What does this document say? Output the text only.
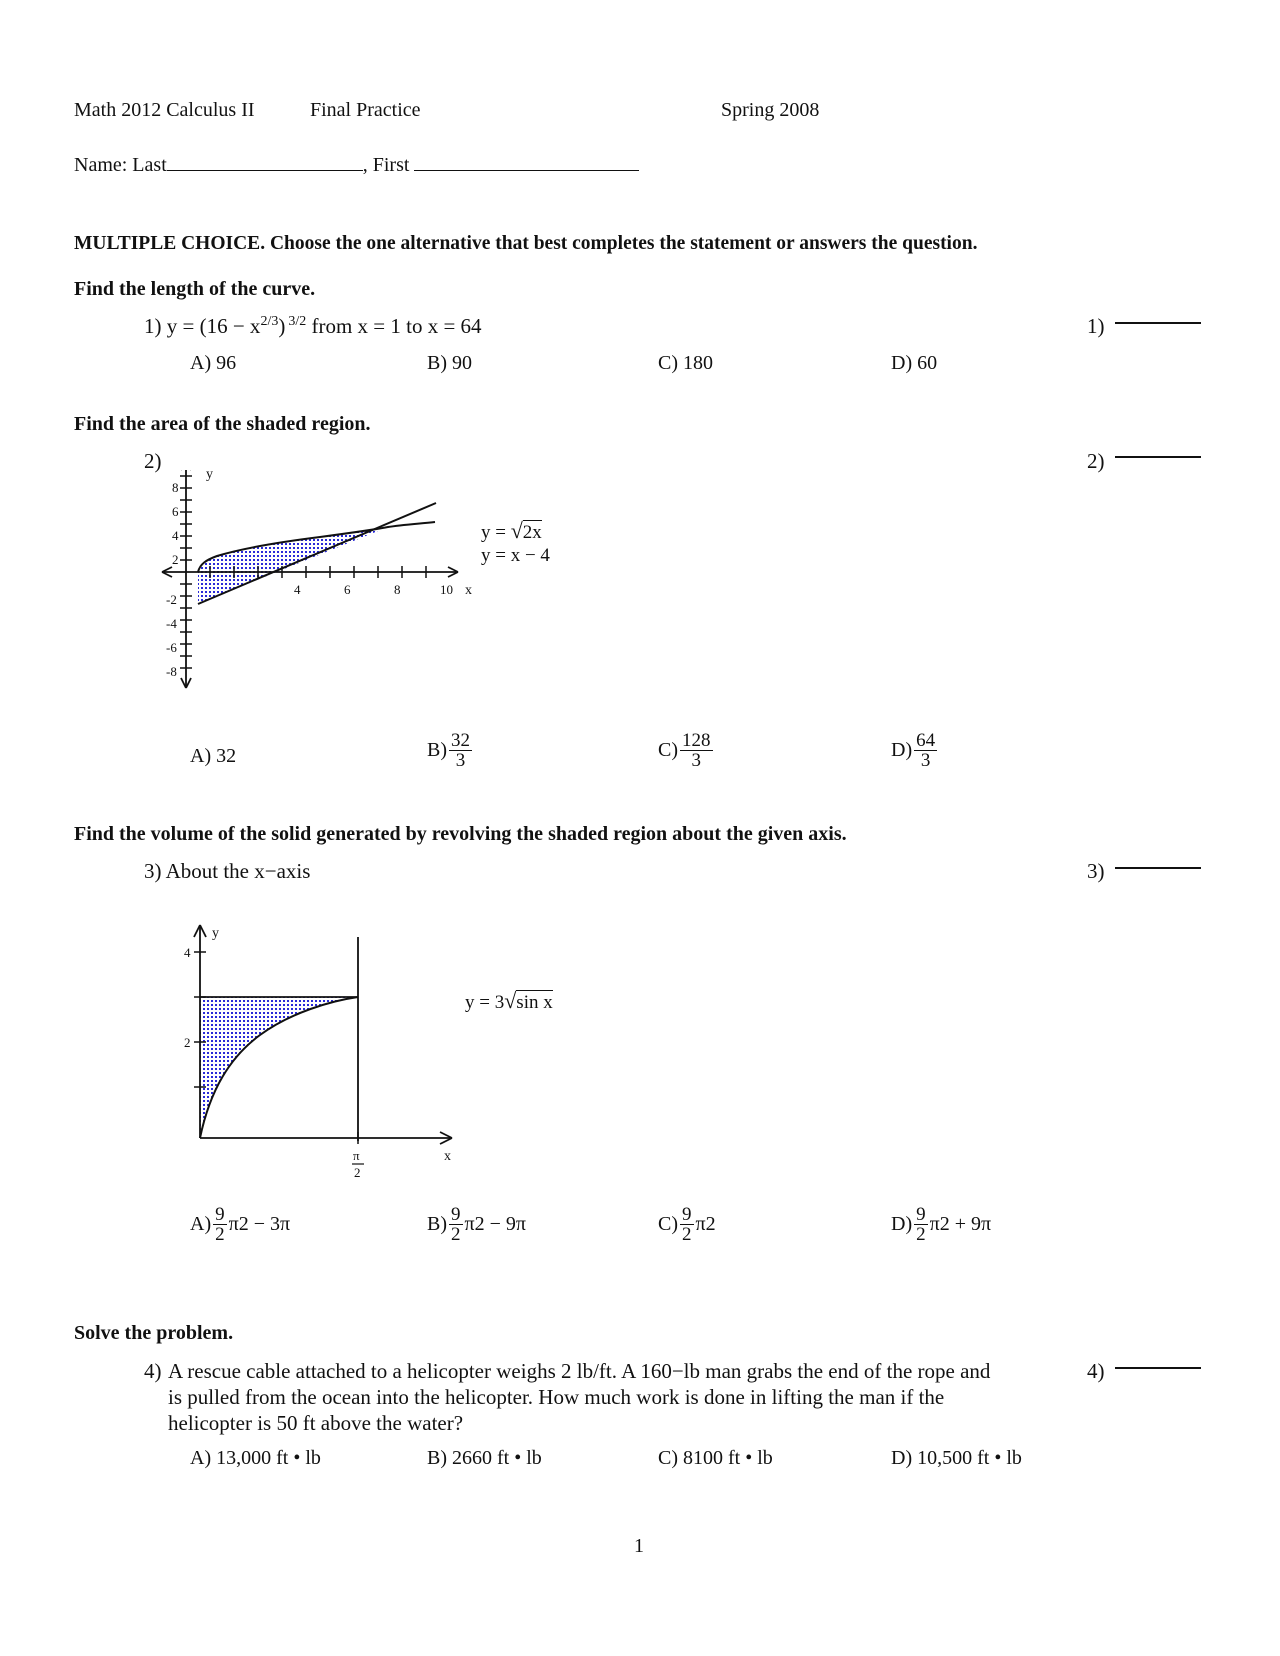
Math 2012 Calculus II	Final Practice	Spring 2008
Name: Last	, First
MULTIPLE CHOICE. Choose the one alternative that best completes the statement or answers the question.
Find the length of the curve.
1) $y = (16 - x^{2/3})$ $^{3/2}$ from x = 1 to x = 64	1)
A) 96	B) 90	C) 180	D) 60
Find the area of the shaded region.
2)	2)
y
x
8
6
4
2
-2
-4
-6
-8
4	6	8	10
y = √2x
y = x − 4
A) 32	$B) \frac{32}{3}$	$C) \frac{128}{3}$	$D) \frac{64}{3}$
Find the volume of the solid generated by revolving the shaded region about the given axis.
3) About the x−axis	3)
y
x
4
2
π
2
y = 3√sin x
$A) \frac{9}{2} \pi 2 - 3\pi$	$B) \frac{9}{2} \pi 2 - 9\pi$	$C) \frac{9}{2} \pi 2$	$D) \frac{9}{2} \pi 2 + 9\pi$
Solve the problem.
4) A rescue cable attached to a helicopter weighs 2 lb/ft. A 160−lb man grabs the end of the rope and
is pulled from the ocean into the helicopter. How much work is done in lifting the man if the
helicopter is 50 ft above the water?
4)
A) 13,000 ft • lb	B) 2660 ft • lb	C) 8100 ft • lb	D) 10,500 ft • lb
1
